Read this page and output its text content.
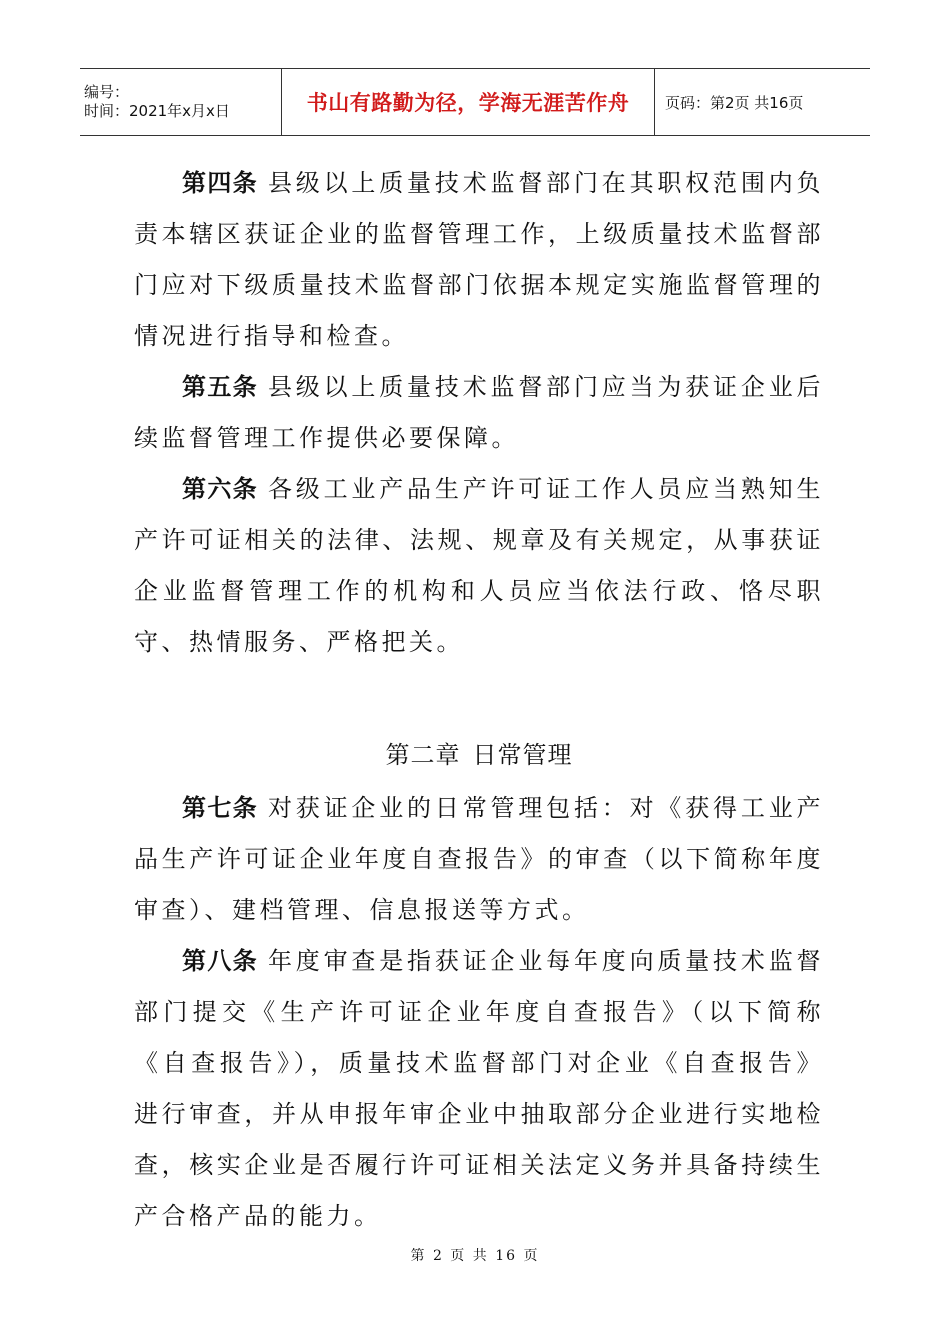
编号：
时间：2021年x月x日	书山有路勤为径，学海无涯苦作舟 页码：第2页 共16页

第四条 县级以上质量技术监督部门在其职权范围内负责本辖区获证企业的监督管理工作，上级质量技术监督部门应对下级质量技术监督部门依据本规定实施监督管理的情况进行指导和检查。

第五条 县级以上质量技术监督部门应当为获证企业后续监督管理工作提供必要保障。

第六条 各级工业产品生产许可证工作人员应当熟知生产许可证相关的法律、法规、规章及有关规定，从事获证企业监督管理工作的机构和人员应当依法行政、恪尽职守、热情服务、严格把关。

第二章 日常管理

第七条 对获证企业的日常管理包括：对《获得工业产品生产许可证企业年度自查报告》的审查（以下简称年度审查）、建档管理、信息报送等方式。

第八条 年度审查是指获证企业每年度向质量技术监督部门提交《生产许可证企业年度自查报告》（以下简称《自查报告》），质量技术监督部门对企业《自查报告》进行审查，并从申报年审企业中抽取部分企业进行实地检查，核实企业是否履行许可证相关法定义务并具备持续生产合格产品的能力。

第 2 页 共 16 页
